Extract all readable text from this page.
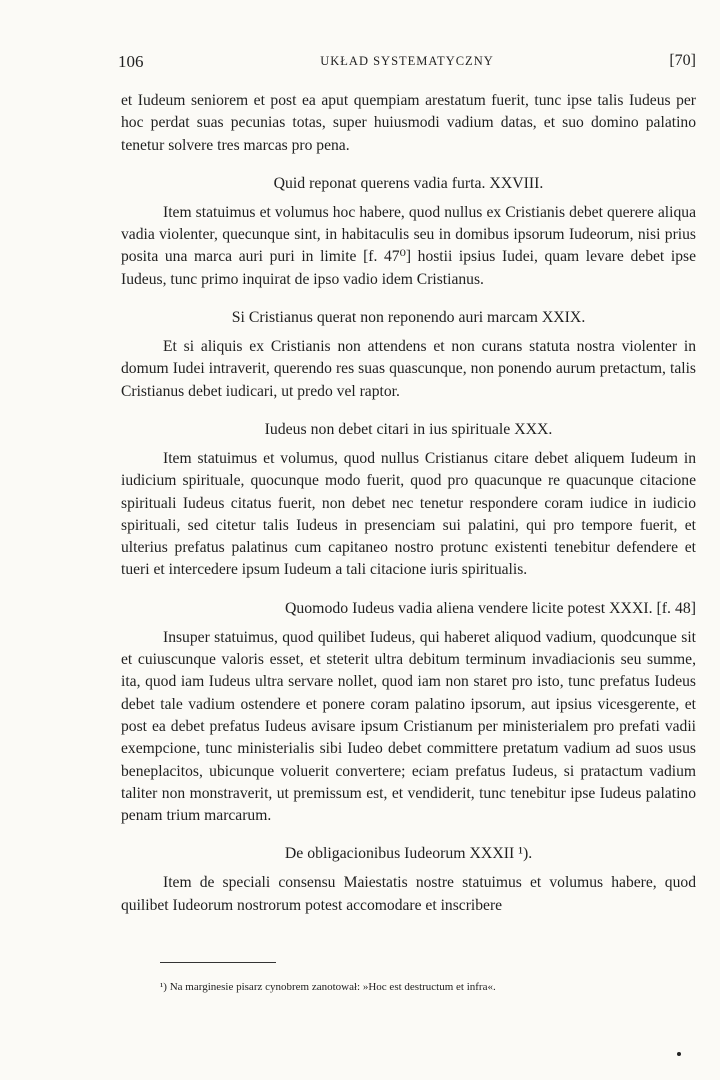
106	UKŁAD SYSTEMATYCZNY	[70]

et Iudeum seniorem et post ea aput quempiam arestatum fuerit, tunc ipse talis Iudeus per hoc perdat suas pecunias totas, super huiusmodi vadium datas, et suo domino palatino tenetur solvere tres marcas pro pena.

Quid reponat querens vadia furta. XXVIII.

Item statuimus et volumus hoc habere, quod nullus ex Cristianis debet querere aliqua vadia violenter, quecunque sint, in habitaculis seu in domibus ipsorum Iudeorum, nisi prius posita una marca auri puri in limite [f. 47⁰] hostii ipsius Iudei, quam levare debet ipse Iudeus, tunc primo inquirat de ipso vadio idem Cristianus.

Si Cristianus querat non reponendo auri marcam XXIX.

Et si aliquis ex Cristianis non attendens et non curans statuta nostra violenter in domum Iudei intraverit, querendo res suas quascunque, non ponendo aurum pretactum, talis Cristianus debet iudicari, ut predo vel raptor.

Iudeus non debet citari in ius spirituale XXX.

Item statuimus et volumus, quod nullus Cristianus citare debet aliquem Iudeum in iudicium spirituale, quocunque modo fuerit, quod pro quacunque re quacunque citacione spirituali Iudeus citatus fuerit, non debet nec tenetur respondere coram iudice in iudicio spirituali, sed citetur talis Iudeus in presenciam sui palatini, qui pro tempore fuerit, et ulterius prefatus palatinus cum capitaneo nostro protunc existenti tenebitur defendere et tueri et intercedere ipsum Iudeum a tali citacione iuris spiritualis.

Quomodo Iudeus vadia aliena vendere licite potest XXXI. [f. 48]

Insuper statuimus, quod quilibet Iudeus, qui haberet aliquod vadium, quodcunque sit et cuiuscunque valoris esset, et steterit ultra debitum terminum invadiacionis seu summe, ita, quod iam Iudeus ultra servare nollet, quod iam non staret pro isto, tunc prefatus Iudeus debet tale vadium ostendere et ponere coram palatino ipsorum, aut ipsius vicesgerente, et post ea debet prefatus Iudeus avisare ipsum Cristianum per ministerialem pro prefati vadii exempcione, tunc ministerialis sibi Iudeo debet committere pretatum vadium ad suos usus beneplacitos, ubicunque voluerit convertere; eciam prefatus Iudeus, si pratactum vadium taliter non monstraverit, ut premissum est, et vendiderit, tunc tenebitur ipse Iudeus palatino penam trium marcarum.

De obligacionibus Iudeorum XXXII ¹).

Item de speciali consensu Maiestatis nostre statuimus et volumus habere, quod quilibet Iudeorum nostrorum potest accomodare et inscribere

¹) Na marginesie pisarz cynobrem zanotował: »Hoc est destructum et infra«.
